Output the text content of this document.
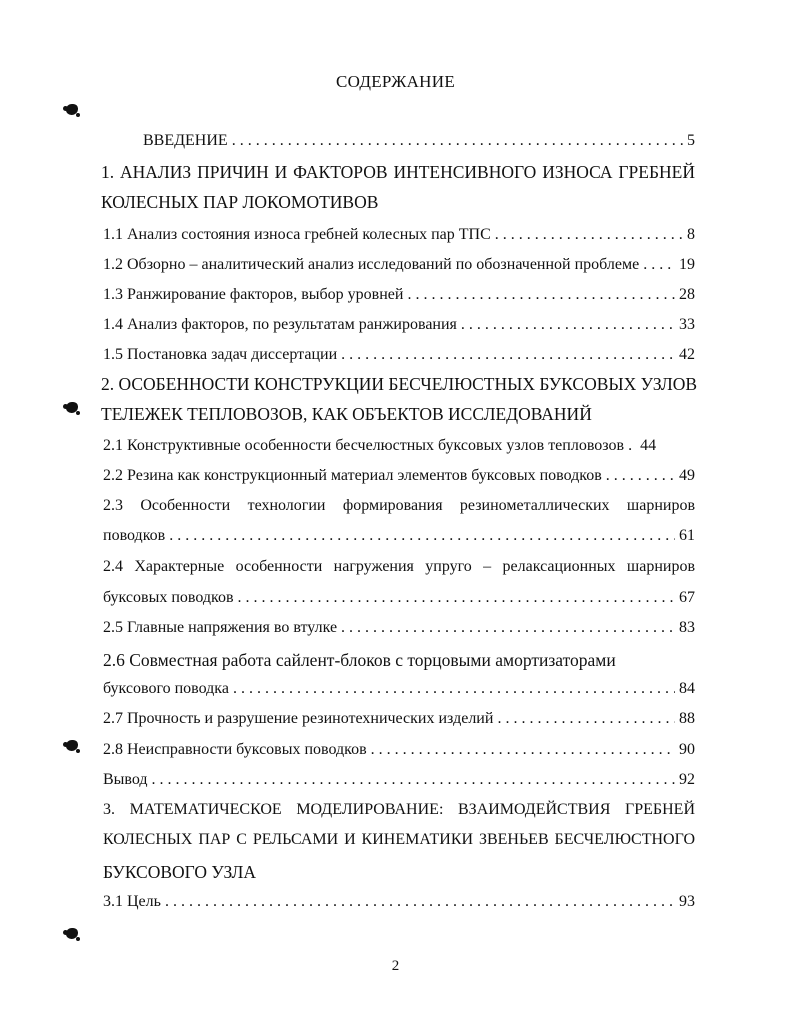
СОДЕРЖАНИЕ
ВВЕДЕНИЕ . . .	5
1. АНАЛИЗ ПРИЧИН И ФАКТОРОВ ИНТЕНСИВНОГО ИЗНОСА ГРЕБНЕЙ
КОЛЕСНЫХ ПАР ЛОКОМОТИВОВ
1.1 Анализ состояния износа гребней колесных пар ТПС . . .	8
1.2 Обзорно – аналитический анализ исследований по обозначенной проблеме . . . 19
1.3 Ранжирование факторов, выбор уровней . . .	28
1.4 Анализ факторов, по результатам ранжирования . . .	33
1.5 Постановка задач диссертации . . .	42
2. ОСОБЕННОСТИ КОНСТРУКЦИИ БЕСЧЕЛЮСТНЫХ БУКСОВЫХ УЗЛОВ
ТЕЛЕЖЕК ТЕПЛОВОЗОВ, КАК ОБЪЕКТОВ ИССЛЕДОВАНИЙ
2.1 Конструктивные особенности бесчелюстных буксовых узлов тепловозов . . . 44
2.2 Резина как конструкционный материал элементов буксовых поводков . . .	49
2.3 Особенности технологии формирования резинометаллических шарниров
поводков . . .	61
2.4 Характерные особенности нагружения упруго – релаксационных шарниров
буксовых поводков . . .	67
2.5 Главные напряжения во втулке . . .	83
2.6 Совместная работа сайлент-блоков с торцовыми амортизаторами
буксового поводка . . .	84
2.7 Прочность и разрушение резинотехнических изделий . . .	88
2.8 Неисправности буксовых поводков . . .	90
Вывод . . .	92
3. МАТЕМАТИЧЕСКОЕ МОДЕЛИРОВАНИЕ: ВЗАИМОДЕЙСТВИЯ ГРЕБНЕЙ
КОЛЕСНЫХ ПАР С РЕЛЬСАМИ И КИНЕМАТИКИ ЗВЕНЬЕВ БЕСЧЕЛЮСТНОГО
БУКСОВОГО УЗЛА
3.1 Цель . . .	93
2
